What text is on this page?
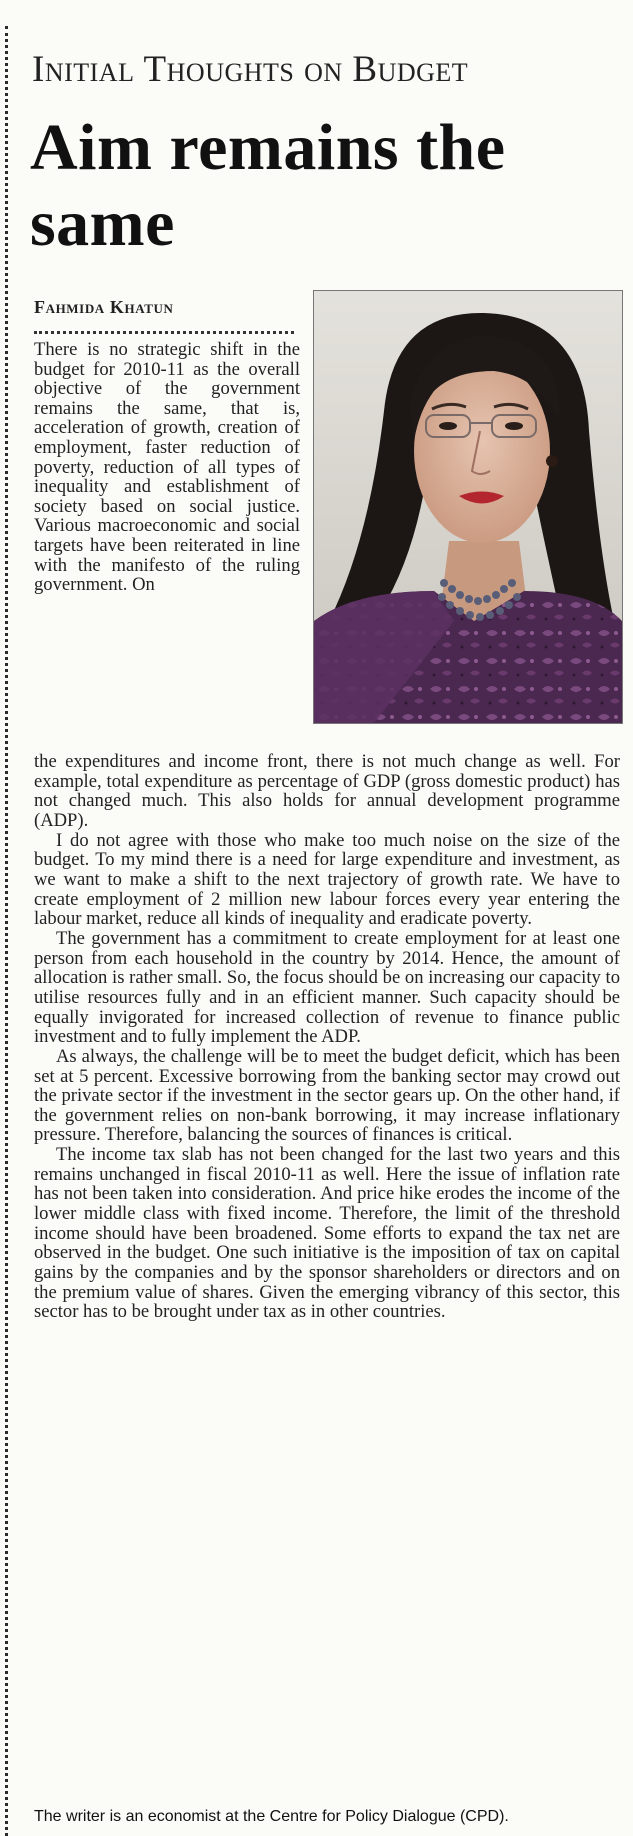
Initial Thoughts on Budget
Aim remains the same
Fahmida Khatun

There is no strategic shift in the budget for 2010-11 as the overall objective of the government remains the same, that is, acceleration of growth, creation of employment, faster reduction of poverty, reduction of all types of inequality and establishment of society based on social justice. Various macroeconomic and social targets have been reiterated in line with the manifesto of the ruling government. On

the expenditures and income front, there is not much change as well. For example, total expenditure as percentage of GDP (gross domestic product) has not changed much. This also holds for annual development programme (ADP).

I do not agree with those who make too much noise on the size of the budget. To my mind there is a need for large expenditure and investment, as we want to make a shift to the next trajectory of growth rate. We have to create employment of 2 million new labour forces every year entering the labour market, reduce all kinds of inequality and eradicate poverty.

The government has a commitment to create employment for at least one person from each household in the country by 2014. Hence, the amount of allocation is rather small. So, the focus should be on increasing our capacity to utilise resources fully and in an efficient manner. Such capacity should be equally invigorated for increased collection of revenue to finance public investment and to fully implement the ADP.

As always, the challenge will be to meet the budget deficit, which has been set at 5 percent. Excessive borrowing from the banking sector may crowd out the private sector if the investment in the sector gears up. On the other hand, if the government relies on non-bank borrowing, it may increase inflationary pressure. Therefore, balancing the sources of finances is critical.

The income tax slab has not been changed for the last two years and this remains unchanged in fiscal 2010-11 as well. Here the issue of inflation rate has not been taken into consideration. And price hike erodes the income of the lower middle class with fixed income. Therefore, the limit of the threshold income should have been broadened. Some efforts to expand the tax net are observed in the budget. One such initiative is the imposition of tax on capital gains by the companies and by the sponsor shareholders or directors and on the premium value of shares. Given the emerging vibrancy of this sector, this sector has to be brought under tax as in other countries.

The writer is an economist at the Centre for Policy Dialogue (CPD).
